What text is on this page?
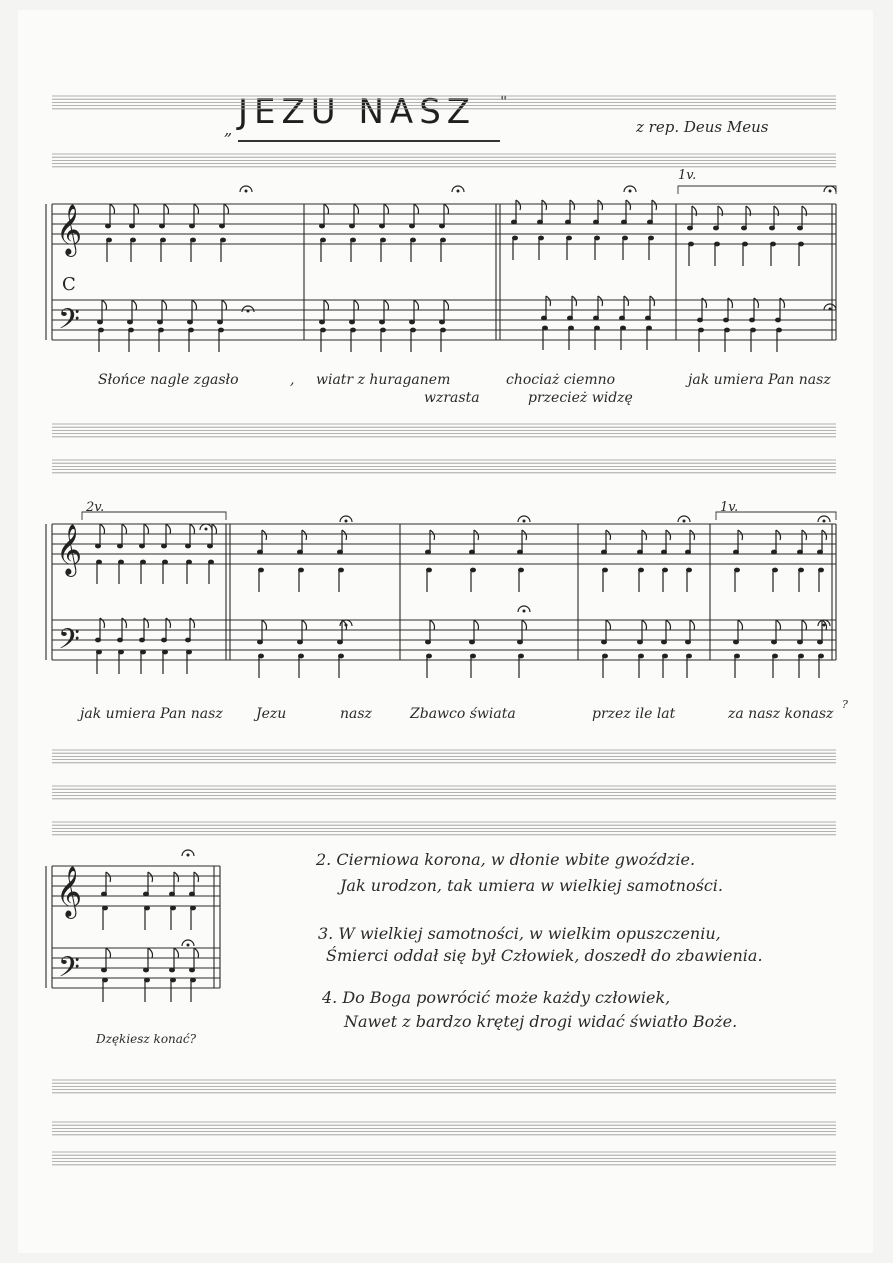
„ JEZU NASZ "
z rep. Deus Meus
𝄞
𝄢
C
𝄞
𝄢
𝄞
𝄢
1v.
Słońce nagle zgasło	, wiatr z huraganem	chociaż ciemno	jak umiera Pan nasz
wzrasta	przecież widzę
2v.	1v.
jak umiera Pan nasz Jezu	nasz	Zbawco świata	przez ile lat	za nasz konasz
?
Dzękiesz konać?
2. Cierniowa korona, w dłonie wbite gwoździe.
Jak urodzon, tak umiera w wielkiej samotności.
3. W wielkiej samotności, w wielkim opuszczeniu,
Śmierci oddał się był Człowiek, doszedł do zbawienia.
4. Do Boga powrócić może każdy człowiek,
Nawet z bardzo krętej drogi widać światło Boże.
